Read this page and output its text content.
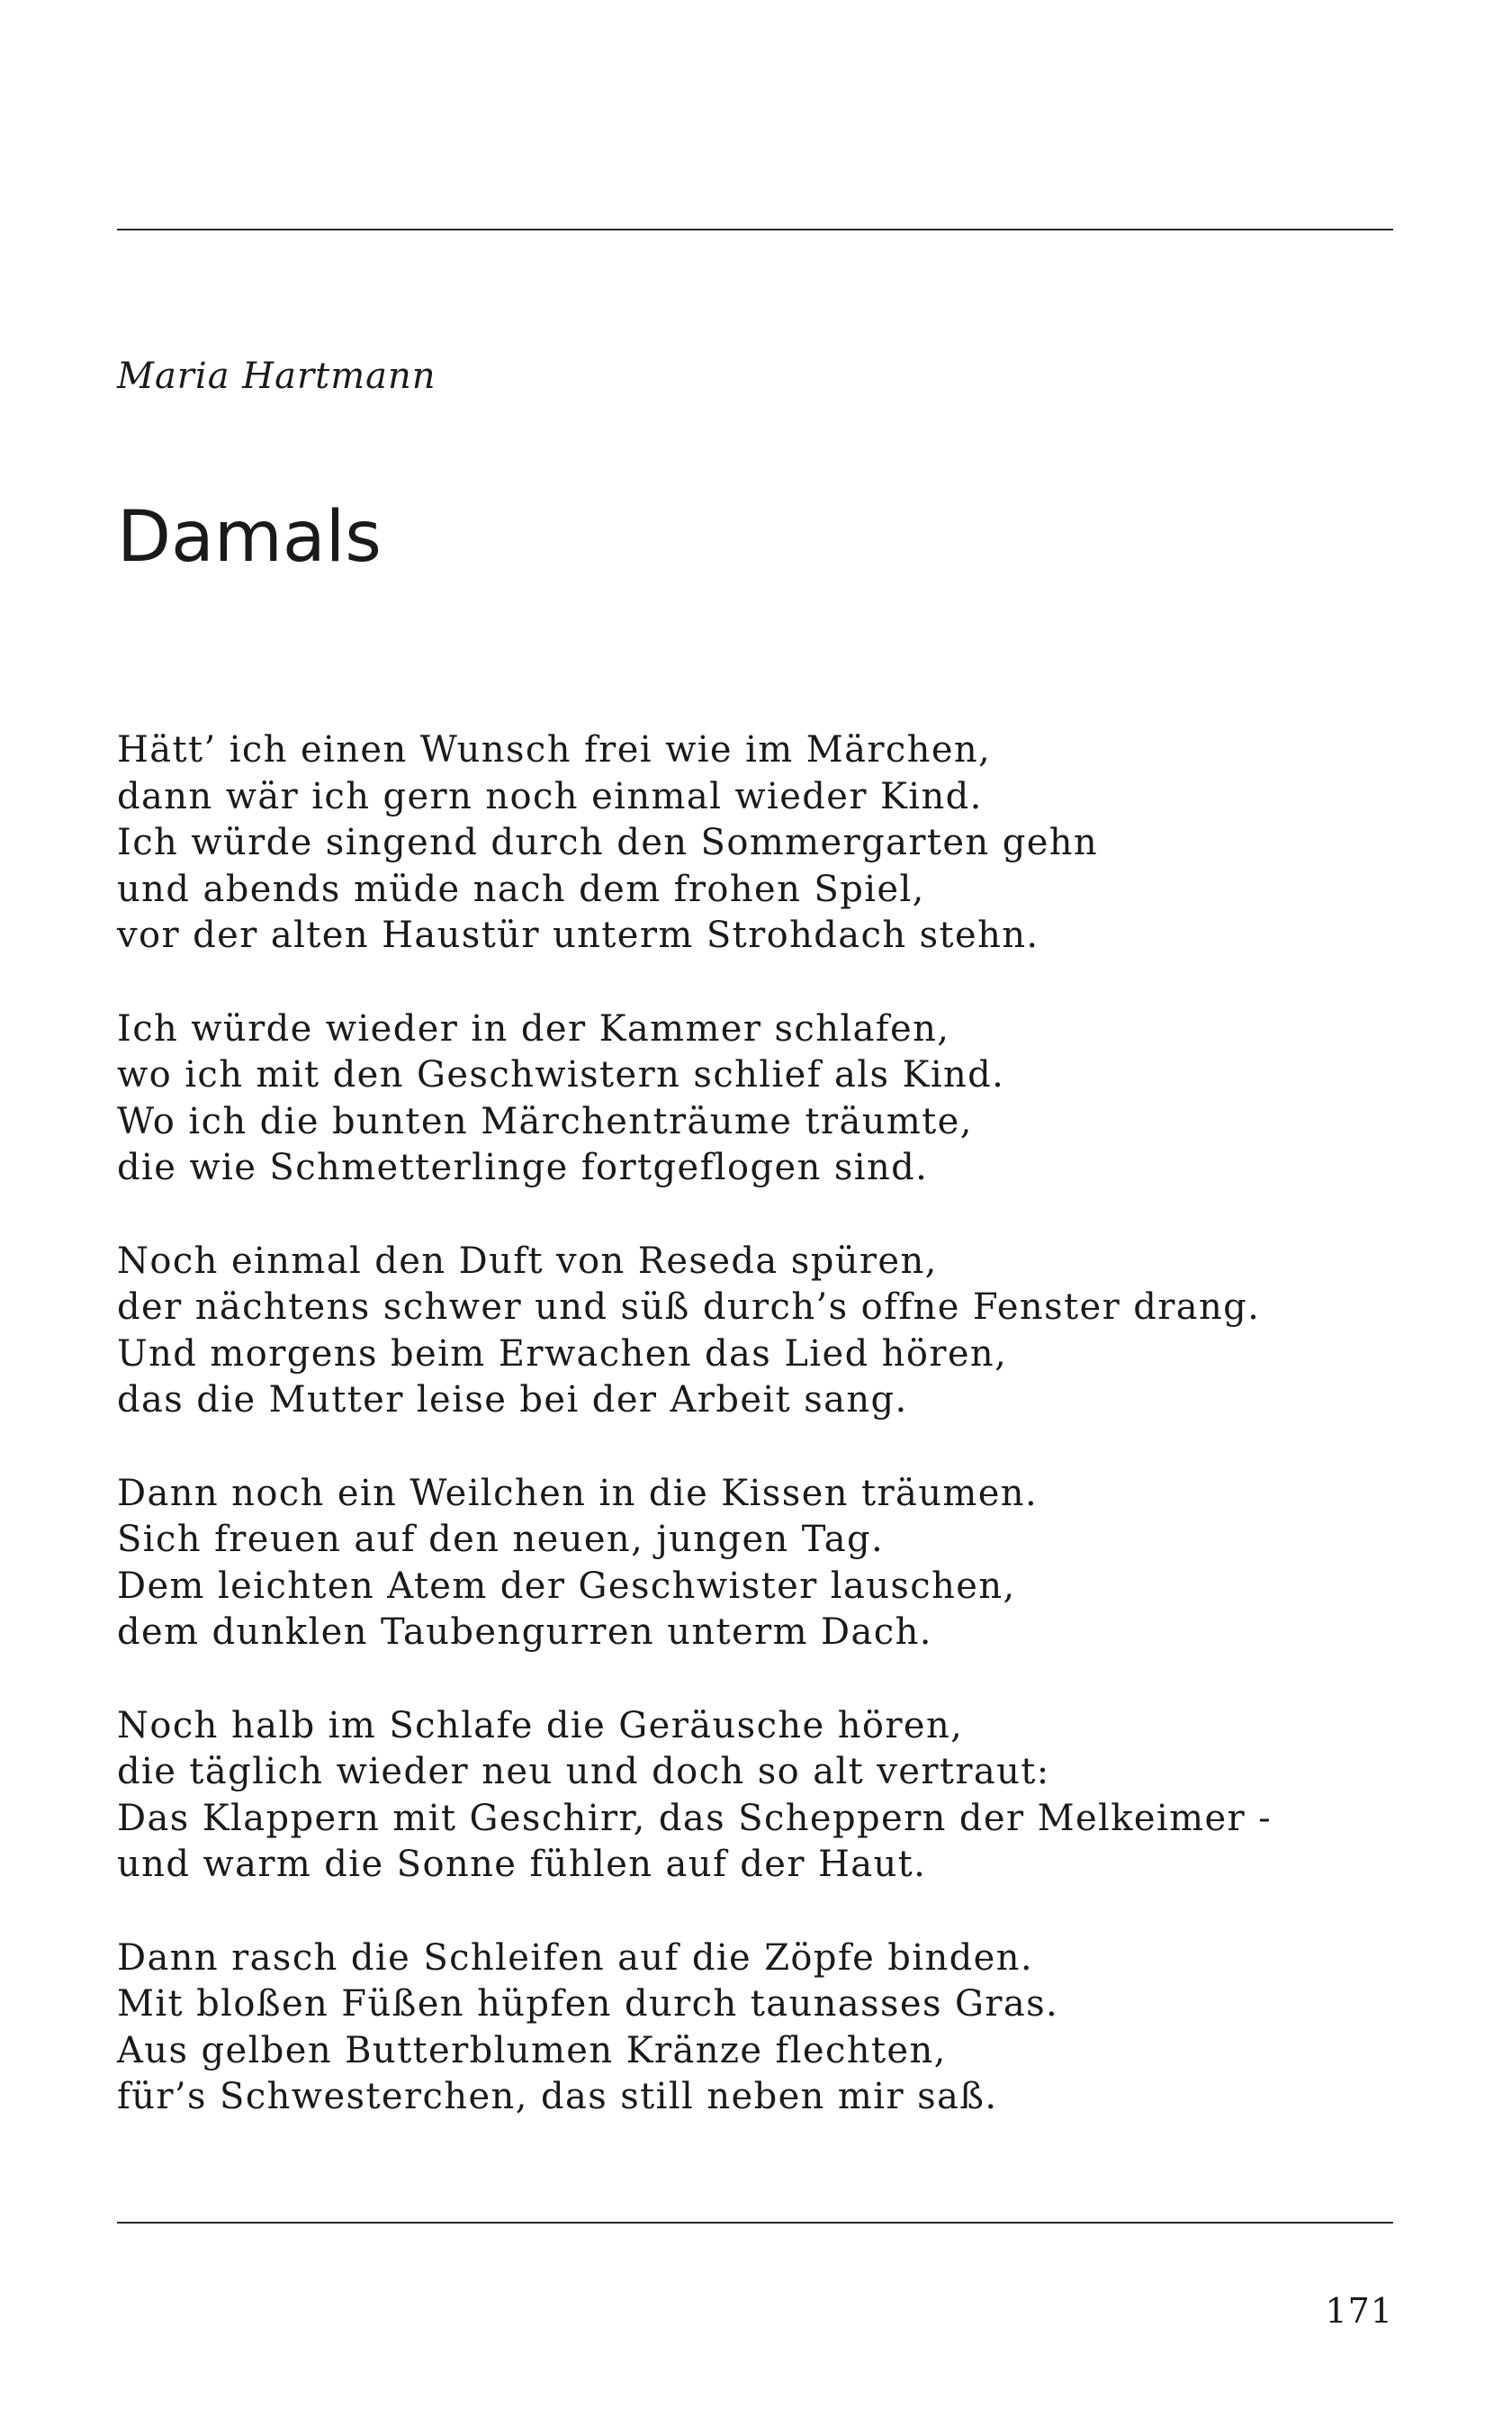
Maria Hartmann
Damals
Hätt’ ich einen Wunsch frei wie im Märchen,
dann wär ich gern noch einmal wieder Kind.
Ich würde singend durch den Sommergarten gehn
und abends müde nach dem frohen Spiel,
vor der alten Haustür unterm Strohdach stehn.
Ich würde wieder in der Kammer schlafen,
wo ich mit den Geschwistern schlief als Kind.
Wo ich die bunten Märchenträume träumte,
die wie Schmetterlinge fortgeflogen sind.
Noch einmal den Duft von Reseda spüren,
der nächtens schwer und süß durch’s offne Fenster drang.
Und morgens beim Erwachen das Lied hören,
das die Mutter leise bei der Arbeit sang.
Dann noch ein Weilchen in die Kissen träumen.
Sich freuen auf den neuen, jungen Tag.
Dem leichten Atem der Geschwister lauschen,
dem dunklen Taubengurren unterm Dach.
Noch halb im Schlafe die Geräusche hören,
die täglich wieder neu und doch so alt vertraut:
Das Klappern mit Geschirr, das Scheppern der Melkeimer -
und warm die Sonne fühlen auf der Haut.
Dann rasch die Schleifen auf die Zöpfe binden.
Mit bloßen Füßen hüpfen durch taunasses Gras.
Aus gelben Butterblumen Kränze flechten,
für’s Schwesterchen, das still neben mir saß.
171
